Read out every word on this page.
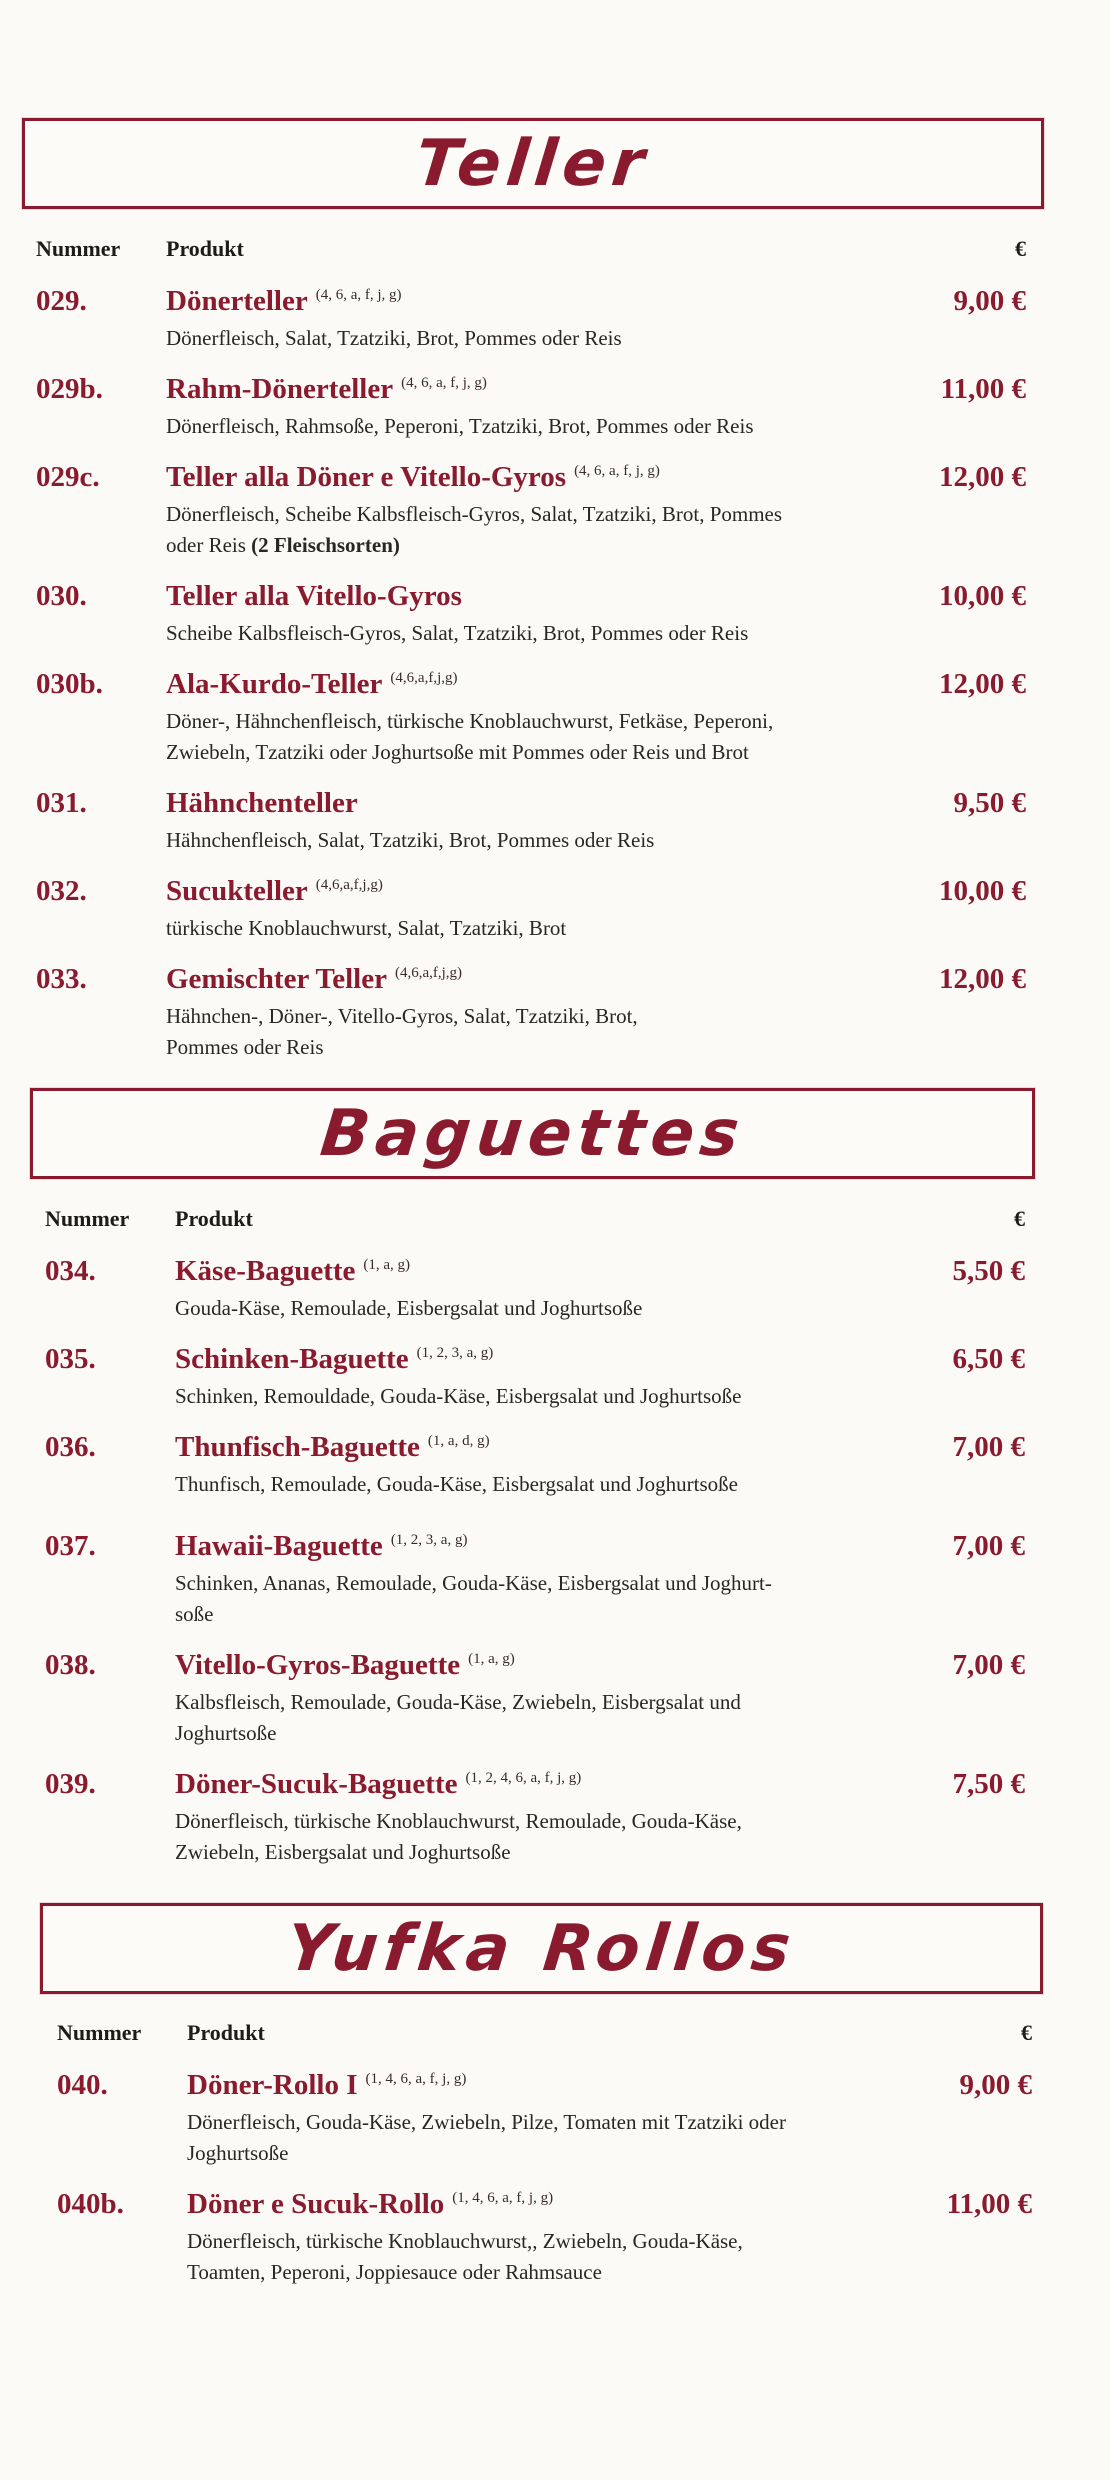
Teller
Nummer Produkt	€
029.	Dönerteller $^{(4, 6, a, f, j, g)}$	9,00 €
Dönerfleisch, Salat, Tzatziki, Brot, Pommes oder Reis
029b. Rahm-Dönerteller $^{(4, 6, a, f, j, g)}$	11,00 €
Dönerfleisch, Rahmsoße, Peperoni, Tzatziki, Brot, Pommes oder Reis
029c. Teller alla Döner e Vitello-Gyros $^{(4, 6, a, f, j, g)}$	12,00 €
Dönerfleisch, Scheibe Kalbsfleisch-Gyros, Salat, Tzatziki, Brot, Pommes
oder Reis (2 Fleischsorten)
030.	Teller alla Vitello-Gyros	10,00 €
Scheibe Kalbsfleisch-Gyros, Salat, Tzatziki, Brot, Pommes oder Reis
030b. Ala-Kurdo-Teller $^{(4,6,a,f,j,g)}$	12,00 €
Döner-, Hähnchenfleisch, türkische Knoblauchwurst, Fetkäse, Peperoni,
Zwiebeln, Tzatziki oder Joghurtsoße mit Pommes oder Reis und Brot
031.	Hähnchenteller	9,50 €
Hähnchenfleisch, Salat, Tzatziki, Brot, Pommes oder Reis
032.	Sucukteller $^{(4,6,a,f,j,g)}$	10,00 €
türkische Knoblauchwurst, Salat, Tzatziki, Brot
033.	Gemischter Teller $^{(4,6,a,f,j,g)}$	12,00 €
Hähnchen-, Döner-, Vitello-Gyros, Salat, Tzatziki, Brot,
Pommes oder Reis
Baguettes
Nummer Produkt	€
034.	Käse-Baguette $^{(1, a, g)}$	5,50 €
Gouda-Käse, Remoulade, Eisbergsalat und Joghurtsoße
035.	Schinken-Baguette $^{(1, 2, 3, a, g)}$	6,50 €
Schinken, Remouldade, Gouda-Käse, Eisbergsalat und Joghurtsoße
036.	Thunfisch-Baguette $^{(1, a, d, g)}$	7,00 €
Thunfisch, Remoulade, Gouda-Käse, Eisbergsalat und Joghurtsoße
037.	Hawaii-Baguette $^{(1, 2, 3, a, g)}$	7,00 €
Schinken, Ananas, Remoulade, Gouda-Käse, Eisbergsalat und Joghurt-
soße
038.	Vitello-Gyros-Baguette $^{(1, a, g)}$	7,00 €
Kalbsfleisch, Remoulade, Gouda-Käse, Zwiebeln, Eisbergsalat und
Joghurtsoße
039.	Döner-Sucuk-Baguette $^{(1, 2, 4, 6, a, f, j, g)}$	7,50 €
Dönerfleisch, türkische Knoblauchwurst, Remoulade, Gouda-Käse,
Zwiebeln, Eisbergsalat und Joghurtsoße
Yufka Rollos
Nummer Produkt	€
040.	Döner-Rollo I $^{(1, 4, 6, a, f, j, g)}$	9,00 €
Dönerfleisch, Gouda-Käse, Zwiebeln, Pilze, Tomaten mit Tzatziki oder
Joghurtsoße
040b. Döner e Sucuk-Rollo $^{(1, 4, 6, a, f, j, g)}$	11,00 €
Dönerfleisch, türkische Knoblauchwurst,, Zwiebeln, Gouda-Käse,
Toamten, Peperoni, Joppiesauce oder Rahmsauce
